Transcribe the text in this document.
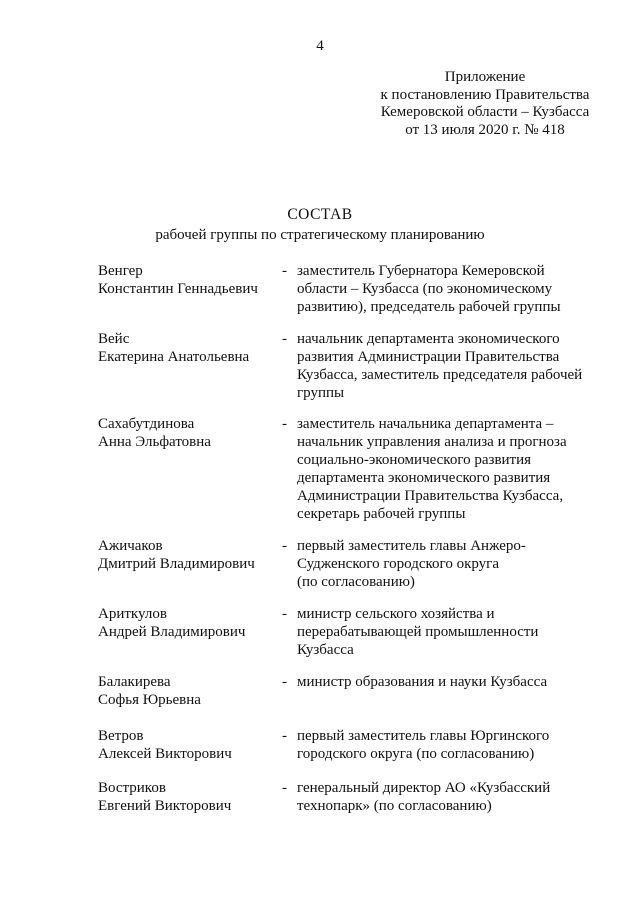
4
Приложение
к постановлению Правительства
Кемеровской области – Кузбасса
от 13 июля 2020 г. № 418
СОСТАВ
рабочей группы по стратегическому планированию
Венгер
Константин Геннадьевич
- заместитель Губернатора Кемеровской
области – Кузбасса (по экономическому
развитию), председатель рабочей группы
Вейс
Екатерина Анатольевна
- начальник департамента экономического
развития Администрации Правительства
Кузбасса, заместитель председателя рабочей
группы
Сахабутдинова
Анна Эльфатовна
- заместитель начальника департамента –
начальник управления анализа и прогноза
социально-экономического развития
департамента экономического развития
Администрации Правительства Кузбасса,
секретарь рабочей группы
Ажичаков
Дмитрий Владимирович
- первый заместитель главы Анжеро-
Судженского городского округа
(по согласованию)
Ариткулов
Андрей Владимирович
- министр сельского хозяйства и
перерабатывающей промышленности
Кузбасса
Балакирева
Софья Юрьевна
- министр образования и науки Кузбасса
Ветров
Алексей Викторович
- первый заместитель главы Юргинского
городского округа (по согласованию)
Востриков
Евгений Викторович
- генеральный директор АО «Кузбасский
технопарк» (по согласованию)
